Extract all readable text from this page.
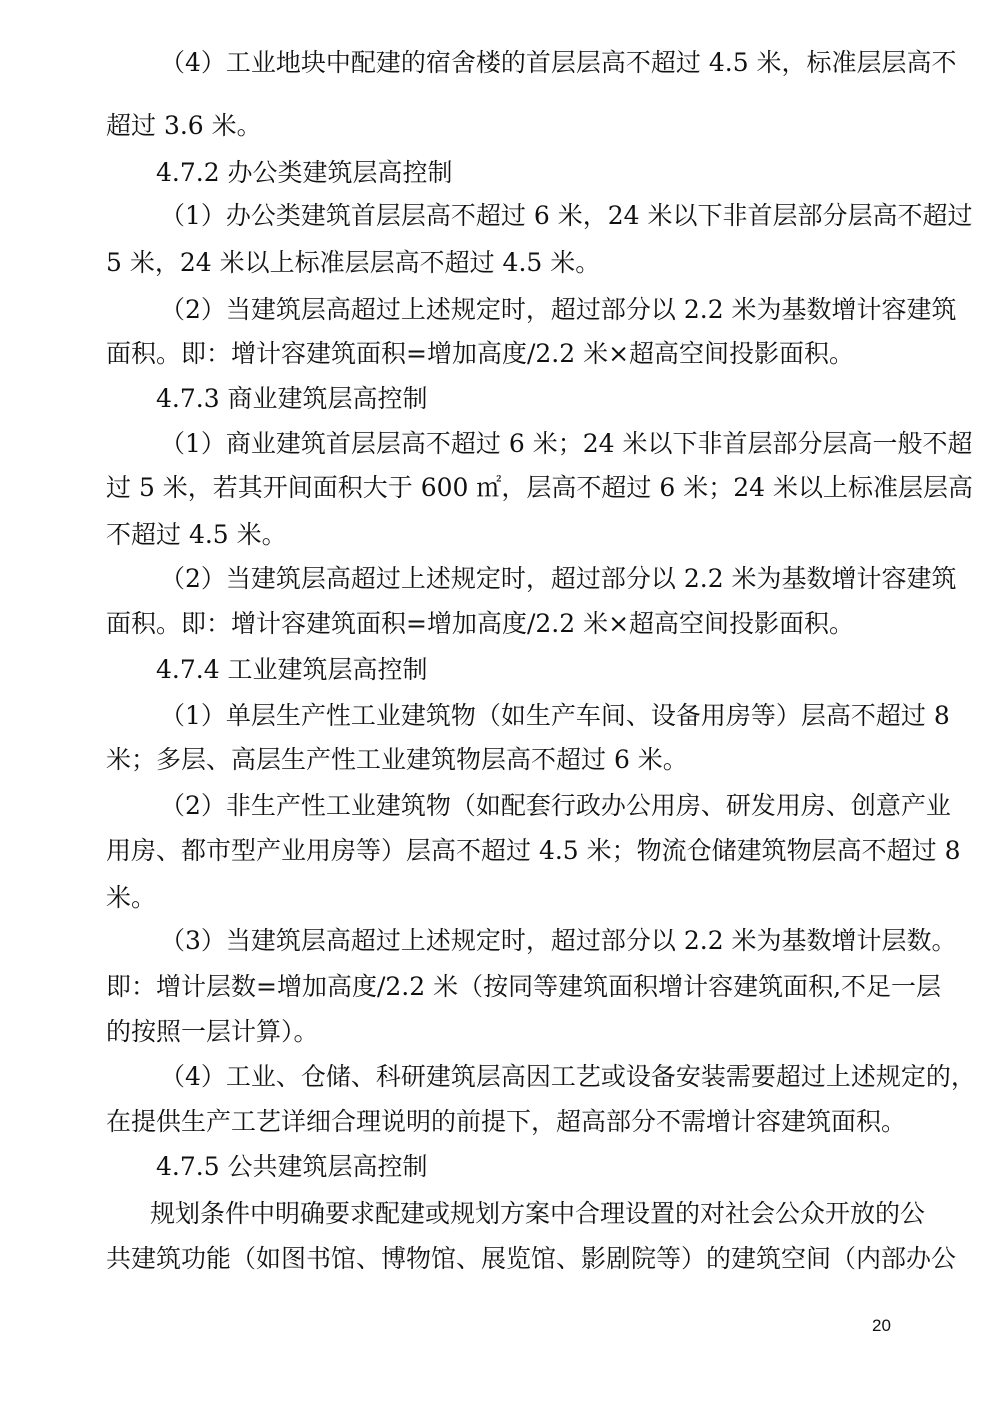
（4）工业地块中配建的宿舍楼的首层层高不超过 4.5 米，标准层层高不
超过 3.6 米。
4.7.2 办公类建筑层高控制
（1）办公类建筑首层层高不超过 6 米，24 米以下非首层部分层高不超过
5 米，24 米以上标准层层高不超过 4.5 米。
（2）当建筑层高超过上述规定时，超过部分以 2.2 米为基数增计容建筑
面积。即：增计容建筑面积=增加高度/2.2 米×超高空间投影面积。
4.7.3 商业建筑层高控制
（1）商业建筑首层层高不超过 6 米；24 米以下非首层部分层高一般不超
过 5 米，若其开间面积大于 600 ㎡，层高不超过 6 米；24 米以上标准层层高
不超过 4.5 米。
（2）当建筑层高超过上述规定时，超过部分以 2.2 米为基数增计容建筑
面积。即：增计容建筑面积=增加高度/2.2 米×超高空间投影面积。
4.7.4 工业建筑层高控制
（1）单层生产性工业建筑物（如生产车间、设备用房等）层高不超过 8
米；多层、高层生产性工业建筑物层高不超过 6 米。
（2）非生产性工业建筑物（如配套行政办公用房、研发用房、创意产业
用房、都市型产业用房等）层高不超过 4.5 米；物流仓储建筑物层高不超过 8
米。
（3）当建筑层高超过上述规定时，超过部分以 2.2 米为基数增计层数。
即：增计层数=增加高度/2.2 米（按同等建筑面积增计容建筑面积,不足一层
的按照一层计算）。
（4）工业、仓储、科研建筑层高因工艺或设备安装需要超过上述规定的，
在提供生产工艺详细合理说明的前提下，超高部分不需增计容建筑面积。
4.7.5 公共建筑层高控制
规划条件中明确要求配建或规划方案中合理设置的对社会公众开放的公
共建筑功能（如图书馆、博物馆、展览馆、影剧院等）的建筑空间（内部办公
20
